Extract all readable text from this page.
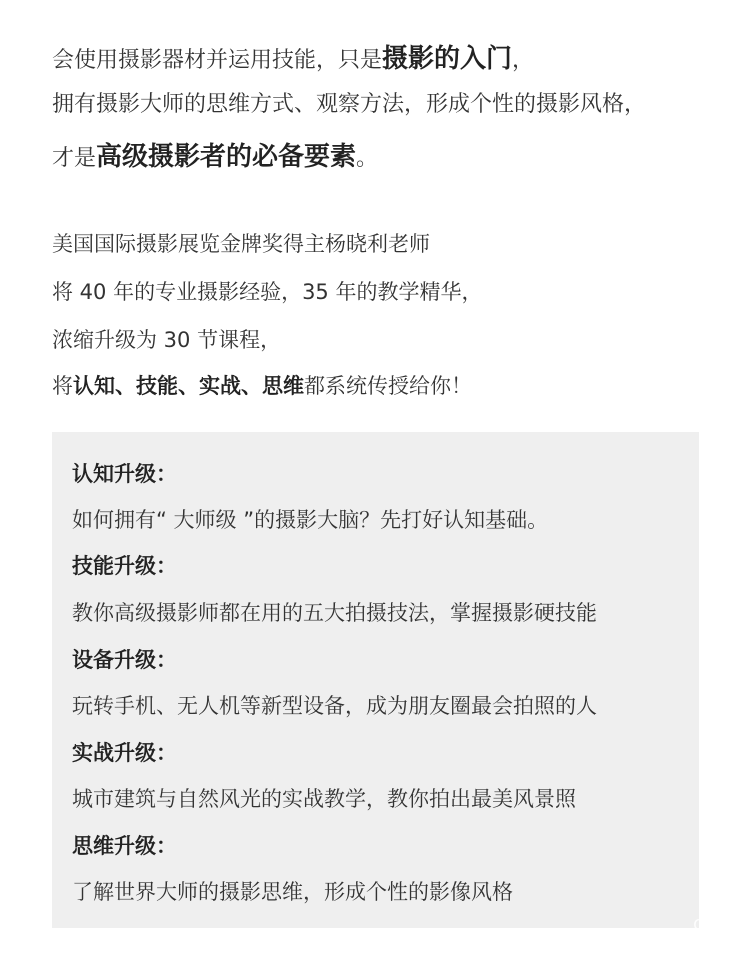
会使用摄影器材并运用技能，只是摄影的入门，

拥有摄影大师的思维方式、观察方法，形成个性的摄影风格，

才是高级摄影者的必备要素。

美国国际摄影展览金牌奖得主杨晓利老师
将 40 年的专业摄影经验，35 年的教学精华，
浓缩升级为 30 节课程，
将认知、技能、实战、思维都系统传授给你！
认知升级：
如何拥有“ 大师级 ”的摄影大脑？先打好认知基础。
技能升级：
教你高级摄影师都在用的五大拍摄技法，掌握摄影硬技能
设备升级：
玩转手机、无人机等新型设备，成为朋友圈最会拍照的人
实战升级：
城市建筑与自然风光的实战教学，教你拍出最美风景照
思维升级：
了解世界大师的摄影思维，形成个性的影像风格
QGPX
